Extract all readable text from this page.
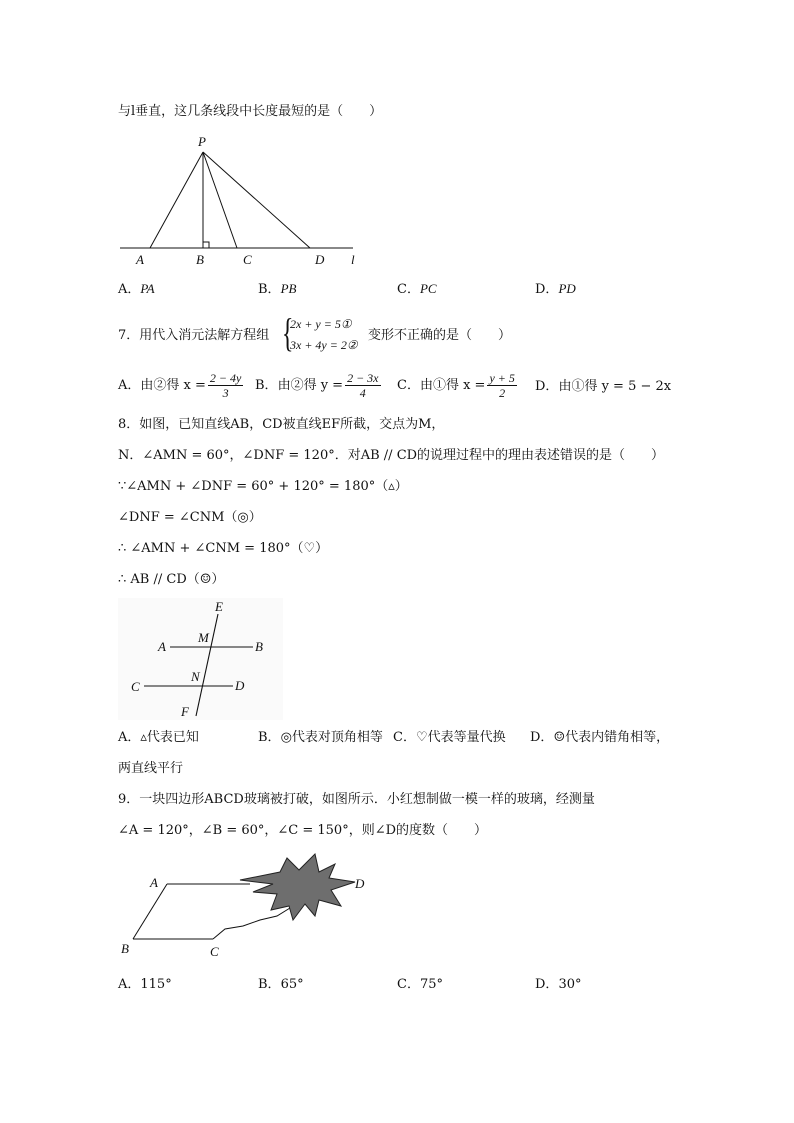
与l垂直，这几条线段中长度最短的是（　　）
P
A	B	C	D l
A．PA	B．PB	C．PC	D．PD
7．用代入消元法解方程组 {
2x + y = 5①
3x + 4y = 2②
变形不正确的是（　　）
A．由②得 $x = \frac{2 - 4y}{3}$ B．由②得 $y = \frac{2 - 3x}{4}$ C．由①得 $x = \frac{y + 5}{2}$ D．由①得 y = 5 − 2x
8．如图，已知直线AB，CD被直线EF所截，交点为M，
N．∠AMN = 60°，∠DNF = 120°．对AB // CD的说理过程中的理由表述错误的是（　　）
∵∠AMN + ∠DNF = 60° + 120° = 180°（▵）
∠DNF = ∠CNM（◎）
∴ ∠AMN + ∠CNM = 180°（♡）
∴ AB // CD（☺）
E
M
A	B
C
N
D
F
A．▵代表已知	B．◎代表对顶角相等 C．♡代表等量代换 D．☺代表内错角相等，
两直线平行
9．一块四边形ABCD玻璃被打破，如图所示．小红想制做一模一样的玻璃，经测量
∠A = 120°，∠B = 60°，∠C = 150°，则∠D的度数（　　）
A
B	C
D
A．115°	B．65°	C．75°	D．30°
